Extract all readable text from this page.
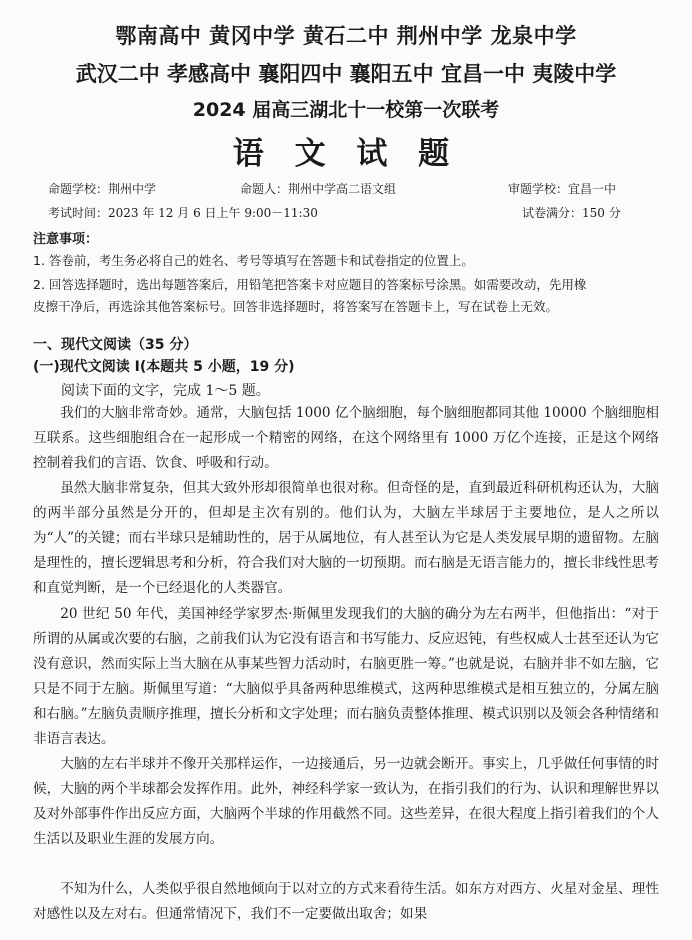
鄂南高中 黄冈中学 黄石二中 荆州中学 龙泉中学
武汉二中 孝感高中 襄阳四中 襄阳五中 宜昌一中 夷陵中学
2024 届高三湖北十一校第一次联考
语 文 试 题
命题学校：荆州中学	命题人：荆州中学高二语文组	审题学校：宜昌一中
考试时间：2023 年 12 月 6 日上午 9:00－11:30	试卷满分：150 分
注意事项：
1. 答卷前，考生务必将自己的姓名、考号等填写在答题卡和试卷指定的位置上。
2. 回答选择题时，选出每题答案后，用铅笔把答案卡对应题目的答案标号涂黑。如需要改动，先用橡
皮擦干净后，再选涂其他答案标号。回答非选择题时，将答案写在答题卡上，写在试卷上无效。
一、现代文阅读（35 分）
(一)现代文阅读 I(本题共 5 小题，19 分)
阅读下面的文字，完成 1～5 题。
我们的大脑非常奇妙。通常，大脑包括 1000 亿个脑细胞，每个脑细胞都同其他 10000 个脑细胞相互联系。这些细胞组合在一起形成一个精密的网络，在这个网络里有 1000 万亿个连接，正是这个网络控制着我们的言语、饮食、呼吸和行动。
虽然大脑非常复杂，但其大致外形却很简单也很对称。但奇怪的是，直到最近科研机构还认为，大脑的两半部分虽然是分开的，但却是主次有别的。他们认为，大脑左半球居于主要地位，是人之所以为“人”的关键；而右半球只是辅助性的，居于从属地位，有人甚至认为它是人类发展早期的遗留物。左脑是理性的，擅长逻辑思考和分析，符合我们对大脑的一切预期。而右脑是无语言能力的，擅长非线性思考和直觉判断，是一个已经退化的人类器官。
20 世纪 50 年代，美国神经学家罗杰·斯佩里发现我们的大脑的确分为左右两半，但他指出：“对于所谓的从属或次要的右脑，之前我们认为它没有语言和书写能力、反应迟钝，有些权威人士甚至还认为它没有意识，然而实际上当大脑在从事某些智力活动时，右脑更胜一筹。”也就是说，右脑并非不如左脑，它只是不同于左脑。斯佩里写道：“大脑似乎具备两种思维模式，这两种思维模式是相互独立的，分属左脑和右脑。”左脑负责顺序推理，擅长分析和文字处理；而右脑负责整体推理、模式识别以及领会各种情绪和非语言表达。
大脑的左右半球并不像开关那样运作，一边接通后，另一边就会断开。事实上，几乎做任何事情的时候，大脑的两个半球都会发挥作用。此外，神经科学家一致认为，在指引我们的行为、认识和理解世界以及对外部事件作出反应方面，大脑两个半球的作用截然不同。这些差异，在很大程度上指引着我们的个人生活以及职业生涯的发展方向。
不知为什么，人类似乎很自然地倾向于以对立的方式来看待生活。如东方对西方、火星对金星、理性对感性以及左对右。但通常情况下，我们不一定要做出取舍；如果
